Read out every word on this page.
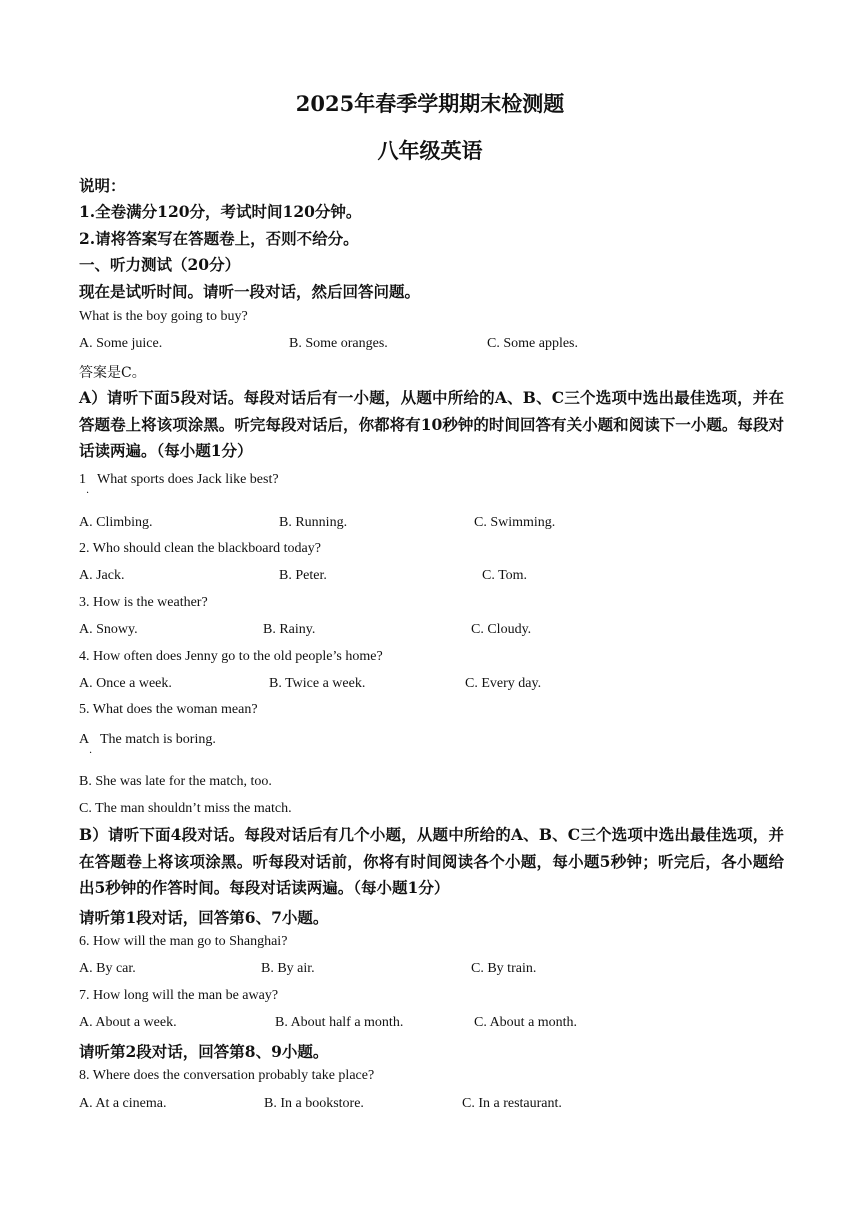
2025年春季学期期末检测题
八年级英语
说明：
1.全卷满分120分，考试时间120分钟。
2.请将答案写在答题卷上，否则不给分。
一、听力测试（20分）
现在是试听时间。请听一段对话，然后回答问题。
What is the boy going to buy?
A. Some juice.	B. Some oranges.	C. Some apples.
答案是C。
A）请听下面5段对话。每段对话后有一小题，从题中所给的A、B、C三个选项中选出最佳选项，并在答题卷上将该项涂黑。听完每段对话后，你都将有10秒钟的时间回答有关小题和阅读下一小题。每段对话读两遍。（每小题1分）
1
·
What sports does Jack like best?
A. Climbing.	B. Running.	C. Swimming.
2. Who should clean the blackboard today?
A. Jack.	B. Peter.	C. Tom.
3. How is the weather?
A. Snowy.	B. Rainy.	C. Cloudy.
4. How often does Jenny go to the old people’s home?
A. Once a week.	B. Twice a week.	C. Every day.
5. What does the woman mean?
A
·
The match is boring.
B. She was late for the match, too.
C. The man shouldn’t miss the match.
B）请听下面4段对话。每段对话后有几个小题，从题中所给的A、B、C三个选项中选出最佳选项，并在答题卷上将该项涂黑。听每段对话前，你将有时间阅读各个小题，每小题5秒钟；听完后，各小题给出5秒钟的作答时间。每段对话读两遍。（每小题1分）
请听第1段对话，回答第6、7小题。
6. How will the man go to Shanghai?
A. By car.	B. By air.	C. By train.
7. How long will the man be away?
A. About a week.	B. About half a month.	C. About a month.
请听第2段对话，回答第8、9小题。
8. Where does the conversation probably take place?
A. At a cinema.	B. In a bookstore.	C. In a restaurant.
